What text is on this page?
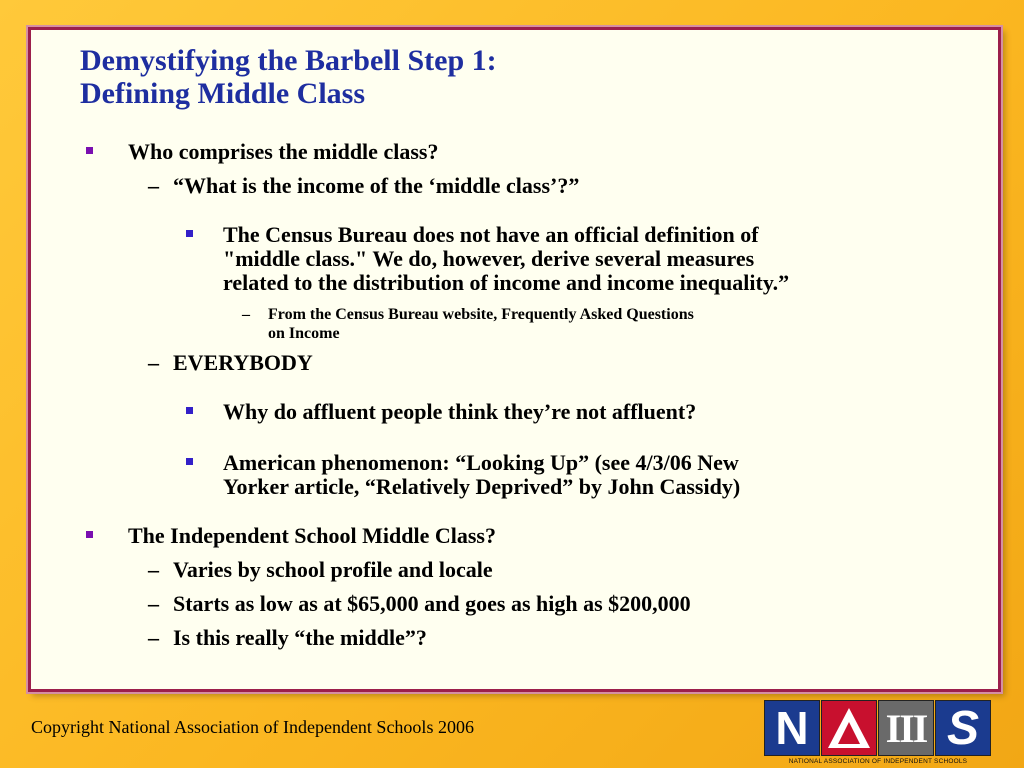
Demystifying the Barbell Step 1:
Defining Middle Class
Who comprises the middle class?
– “What is the income of the ‘middle class’?”
The Census Bureau does not have an official definition of
"middle class." We do, however, derive several measures
related to the distribution of income and income inequality.”
– From the Census Bureau website, Frequently Asked Questions
on Income
– EVERYBODY
Why do affluent people think they’re not affluent?
American phenomenon: “Looking Up” (see 4/3/06 New
Yorker article, “Relatively Deprived” by John Cassidy)
The Independent School Middle Class?
– Varies by school profile and locale
– Starts as low as at $65,000 and goes as high as $200,000
– Is this really “the middle”?
Copyright National Association of Independent Schools 2006	N III S
NATIONAL ASSOCIATION OF INDEPENDENT SCHOOLS
